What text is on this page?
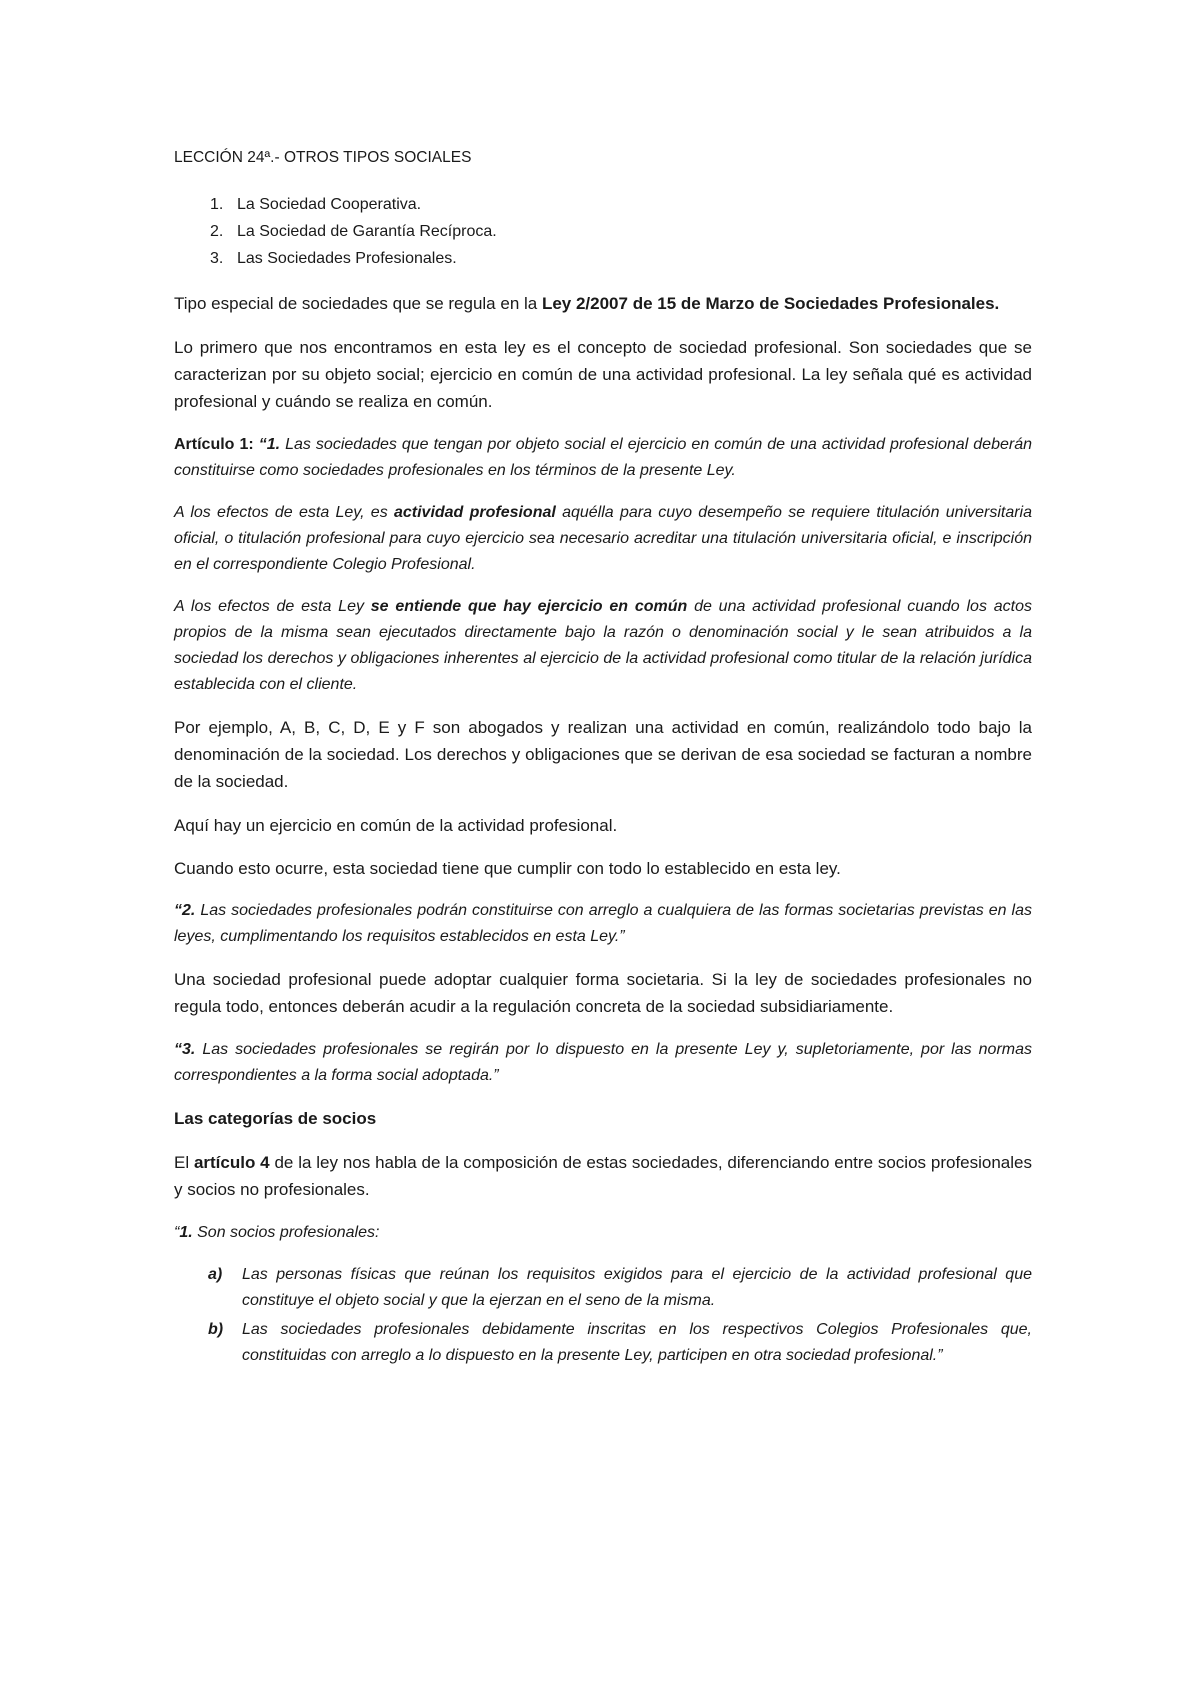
LECCIÓN 24ª.- OTROS TIPOS SOCIALES

1. La Sociedad Cooperativa.
2. La Sociedad de Garantía Recíproca.
3. Las Sociedades Profesionales.

Tipo especial de sociedades que se regula en la Ley 2/2007 de 15 de Marzo de Sociedades Profesionales.

Lo primero que nos encontramos en esta ley es el concepto de sociedad profesional. Son sociedades que se caracterizan por su objeto social; ejercicio en común de una actividad profesional. La ley señala qué es actividad profesional y cuándo se realiza en común.

Artículo 1: “1. Las sociedades que tengan por objeto social el ejercicio en común de una actividad profesional deberán constituirse como sociedades profesionales en los términos de la presente Ley.

A los efectos de esta Ley, es actividad profesional aquélla para cuyo desempeño se requiere titulación universitaria oficial, o titulación profesional para cuyo ejercicio sea necesario acreditar una titulación universitaria oficial, e inscripción en el correspondiente Colegio Profesional.

A los efectos de esta Ley se entiende que hay ejercicio en común de una actividad profesional cuando los actos propios de la misma sean ejecutados directamente bajo la razón o denominación social y le sean atribuidos a la sociedad los derechos y obligaciones inherentes al ejercicio de la actividad profesional como titular de la relación jurídica establecida con el cliente.

Por ejemplo, A, B, C, D, E y F son abogados y realizan una actividad en común, realizándolo todo bajo la denominación de la sociedad. Los derechos y obligaciones que se derivan de esa sociedad se facturan a nombre de la sociedad.

Aquí hay un ejercicio en común de la actividad profesional.

Cuando esto ocurre, esta sociedad tiene que cumplir con todo lo establecido en esta ley.

“2. Las sociedades profesionales podrán constituirse con arreglo a cualquiera de las formas societarias previstas en las leyes, cumplimentando los requisitos establecidos en esta Ley.”

Una sociedad profesional puede adoptar cualquier forma societaria. Si la ley de sociedades profesionales no regula todo, entonces deberán acudir a la regulación concreta de la sociedad subsidiariamente.

“3. Las sociedades profesionales se regirán por lo dispuesto en la presente Ley y, supletoriamente, por las normas correspondientes a la forma social adoptada.”

Las categorías de socios

El artículo 4 de la ley nos habla de la composición de estas sociedades, diferenciando entre socios profesionales y socios no profesionales.

“1. Son socios profesionales:

a)	Las personas físicas que reúnan los requisitos exigidos para el ejercicio de la actividad profesional que constituye el objeto social y que la ejerzan en el seno de la misma.
b)	Las sociedades profesionales debidamente inscritas en los respectivos Colegios Profesionales que, constituidas con arreglo a lo dispuesto en la presente Ley, participen en otra sociedad profesional.”
